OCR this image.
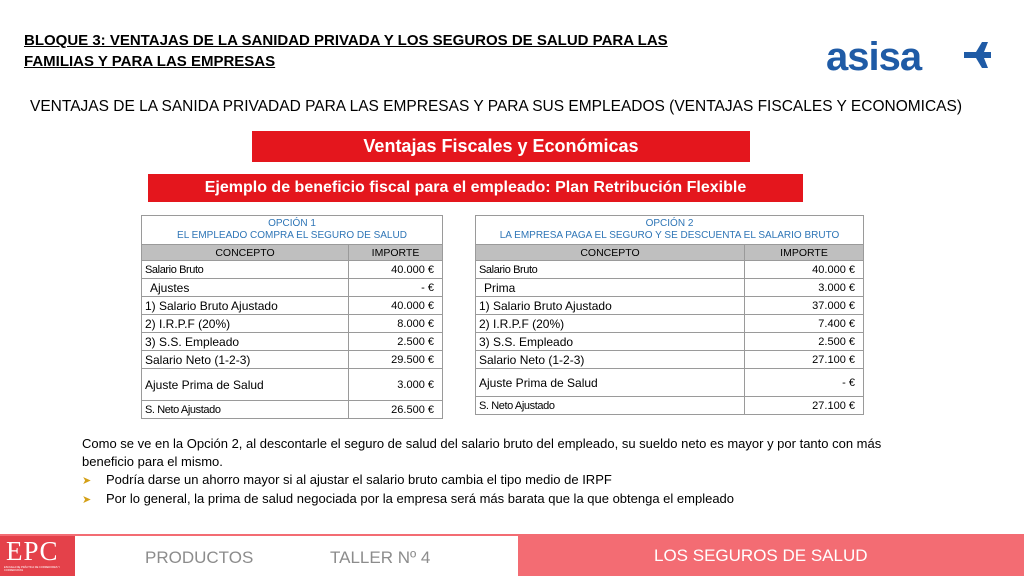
BLOQUE 3: VENTAJAS DE LA SANIDAD PRIVADA Y LOS SEGUROS DE SALUD PARA LAS
FAMILIAS Y PARA LAS EMPRESAS	asisa
VENTAJAS DE LA SANIDA PRIVADAD PARA LAS EMPRESAS Y PARA SUS EMPLEADOS (VENTAJAS FISCALES Y ECONOMICAS)
Ventajas Fiscales y Económicas
Ejemplo de beneficio fiscal para el empleado: Plan Retribución Flexible
OPCIÓN 1
EL EMPLEADO COMPRA EL SEGURO DE SALUD	

CONCEPTO	IMPORTE
Salario Bruto	40.000 €
Ajustes	- €
1) Salario Bruto Ajustado	40.000 €
2) I.R.P.F (20%)	8.000 €
3) S.S. Empleado	2.500 €
Salario Neto (1-2-3)	29.500 €
Ajuste Prima de Salud	3.000 €
S. Neto Ajustado	26.500 €
OPCIÓN 2
LA EMPRESA PAGA EL SEGURO Y SE DESCUENTA EL SALARIO BRUTO	

CONCEPTO	IMPORTE
Salario Bruto	40.000 €
Prima	3.000 €
1) Salario Bruto Ajustado	37.000 €
2) I.R.P.F (20%)	7.400 €
3) S.S. Empleado	2.500 €
Salario Neto (1-2-3)	27.100 €
Ajuste Prima de Salud	- €
S. Neto Ajustado	27.100 €

Como se ve en la Opción 2, al descontarle el seguro de salud del salario bruto del empleado, su sueldo neto es mayor y por tanto con más beneficio para el mismo.

➤	Podría darse un ahorro mayor si al ajustar el salario bruto cambia el tipo medio de IRPF
➤	Por lo general, la prima de salud negociada por la empresa será más barata que la que obtenga el empleado
EPC
ESCUELA DE PRÁCTICA DE CORREDORES Y CORREDURÍAS
PRODUCTOS	TALLER Nº 4	LOS SEGUROS DE SALUD
